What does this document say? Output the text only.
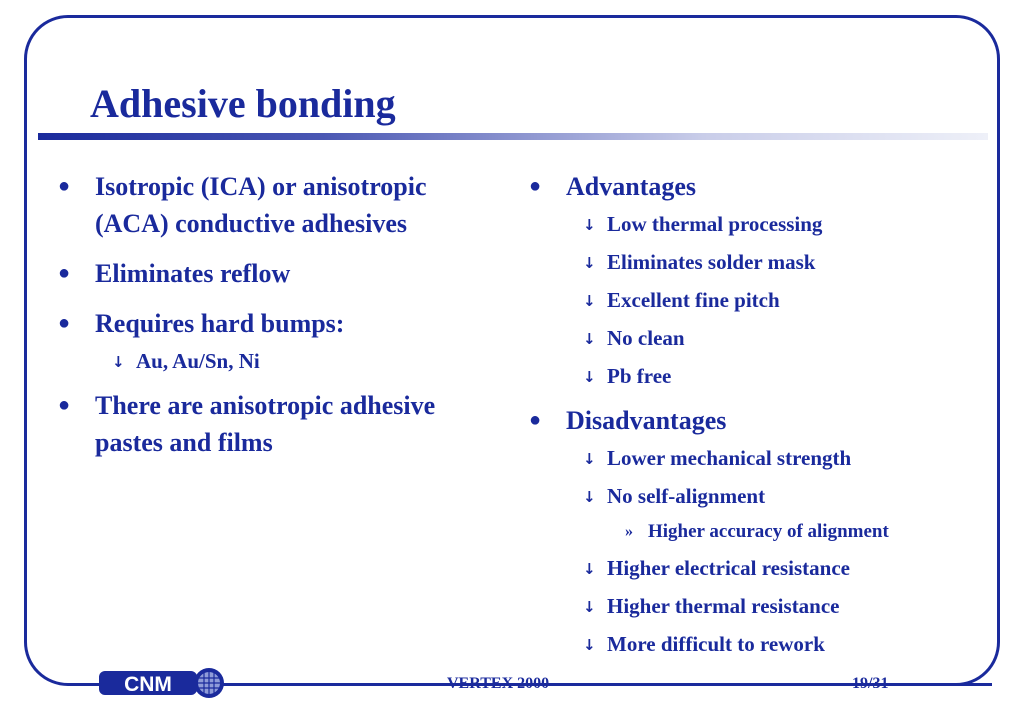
Adhesive bonding
● Isotropic (ICA) or anisotropic (ACA) conductive adhesives
● Eliminates reflow
● Requires hard bumps:
↓ Au, Au/Sn, Ni
● There are anisotropic adhesive pastes and films
● Advantages
↓ Low thermal processing
↓ Eliminates solder mask
↓ Excellent fine pitch
↓ No clean
↓ Pb free
● Disadvantages
↓ Lower mechanical strength
↓ No self-alignment
» Higher accuracy of alignment
↓ Higher electrical resistance
↓ Higher thermal resistance
↓ More difficult to rework
CNM	VERTEX 2000	19/31
